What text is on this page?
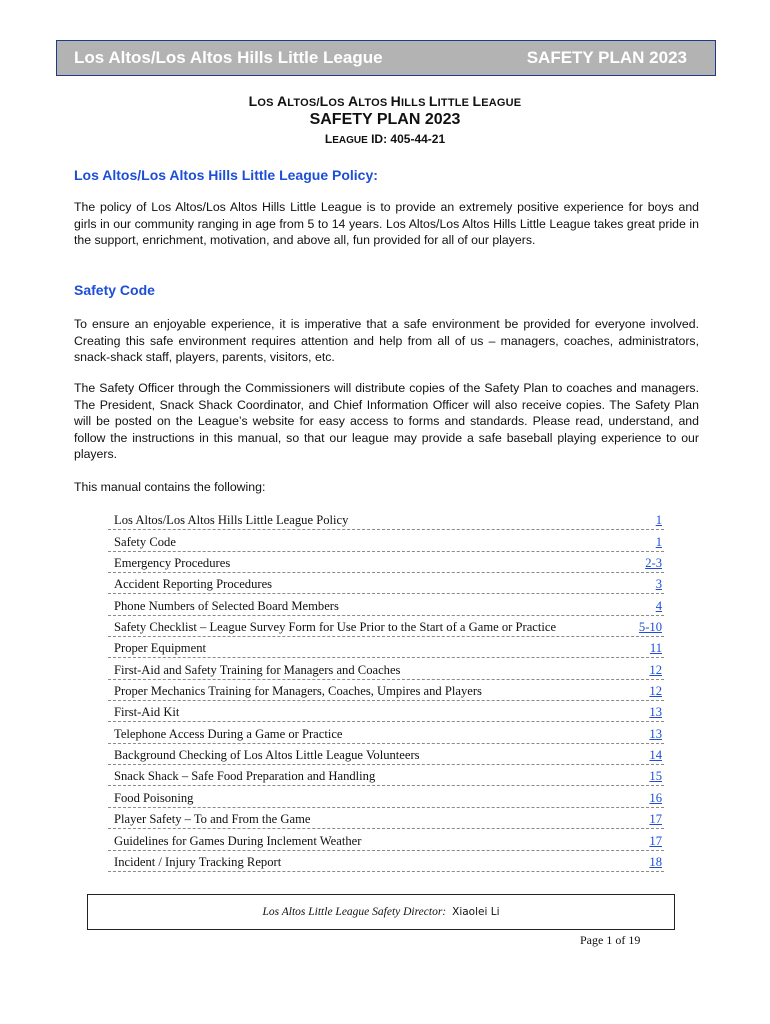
Los Altos/Los Altos Hills Little League	SAFETY PLAN 2023
LOS ALTOS/LOS ALTOS HILLS LITTLE LEAGUE
SAFETY PLAN 2023
LEAGUE ID: 405-44-21
Los Altos/Los Altos Hills Little League Policy:

The policy of Los Altos/Los Altos Hills Little League is to provide an extremely positive experience for boys and girls in our community ranging in age from 5 to 14 years. Los Altos/Los Altos Hills Little League takes great pride in the support, enrichment, motivation, and above all, fun provided for all of our players.

Safety Code

To ensure an enjoyable experience, it is imperative that a safe environment be provided for everyone involved. Creating this safe environment requires attention and help from all of us – managers, coaches, administrators, snack-shack staff, players, parents, visitors, etc.

The Safety Officer through the Commissioners will distribute copies of the Safety Plan to coaches and managers. The President, Snack Shack Coordinator, and Chief Information Officer will also receive copies. The Safety Plan will be posted on the League’s website for easy access to forms and standards. Please read, understand, and follow the instructions in this manual, so that our league may provide a safe baseball playing experience to our players.

This manual contains the following:

Los Altos/Los Altos Hills Little League Policy	1
Safety Code	1
Emergency Procedures	2-3
Accident Reporting Procedures	3
Phone Numbers of Selected Board Members	4
Safety Checklist – League Survey Form for Use Prior to the Start of a Game or Practice	5-10
Proper Equipment	11
First-Aid and Safety Training for Managers and Coaches	12
Proper Mechanics Training for Managers, Coaches, Umpires and Players	12
First-Aid Kit	13
Telephone Access During a Game or Practice	13
Background Checking of Los Altos Little League Volunteers	14
Snack Shack – Safe Food Preparation and Handling	15
Food Poisoning	16
Player Safety – To and From the Game	17
Guidelines for Games During Inclement Weather	17
Incident / Injury Tracking Report	18
Los Altos Little League Safety Director: Xiaolei Li
Page 1 of 19
